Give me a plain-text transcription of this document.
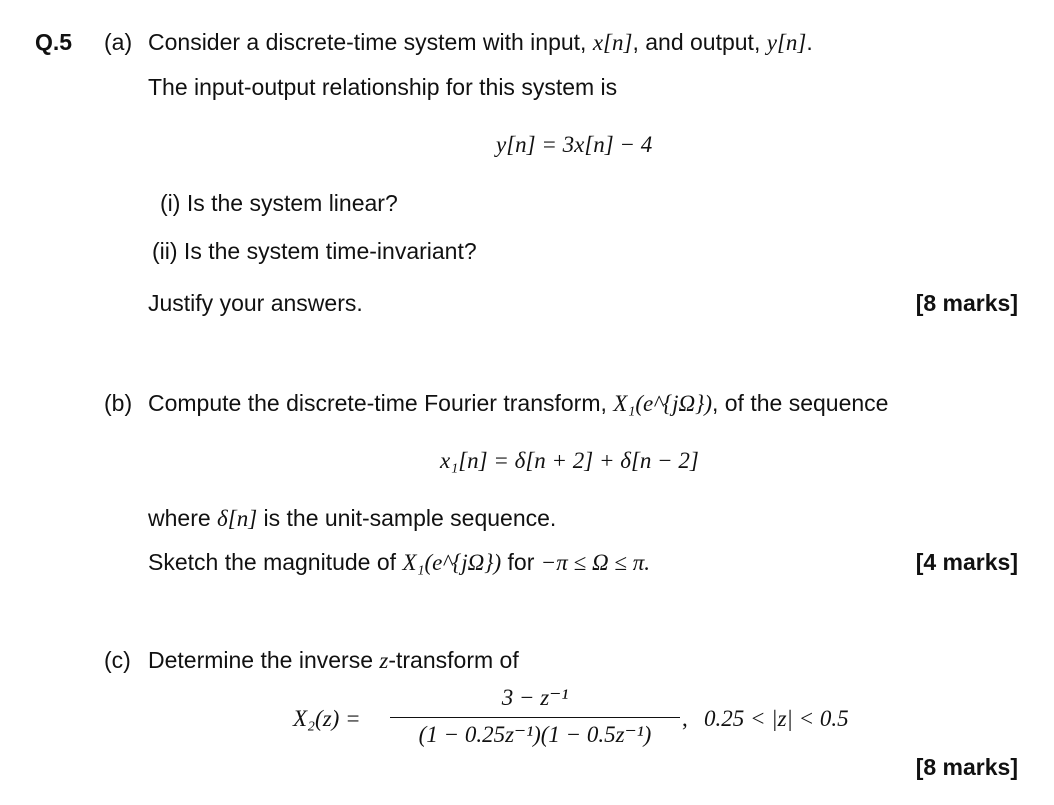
Q.5 (a) Consider a discrete-time system with input, x[n], and output, y[n].
The input-output relationship for this system is
y[n] = 3x[n] − 4
(i) Is the system linear?
(ii) Is the system time-invariant?
Justify your answers.	[8 marks]
(b) Compute the discrete-time Fourier transform, X₁(e^{jΩ}), of the sequence
x₁[n] = δ[n + 2] + δ[n − 2]
where δ[n] is the unit-sample sequence.
Sketch the magnitude of X₁(e^{jΩ}) for −π ≤ Ω ≤ π.	[4 marks]
(c) Determine the inverse z-transform of
X₂(z) =
3 − z⁻¹
(1 − 0.25z⁻¹)(1 − 0.5z⁻¹)
, 0.25 < |z| < 0.5
[8 marks]
